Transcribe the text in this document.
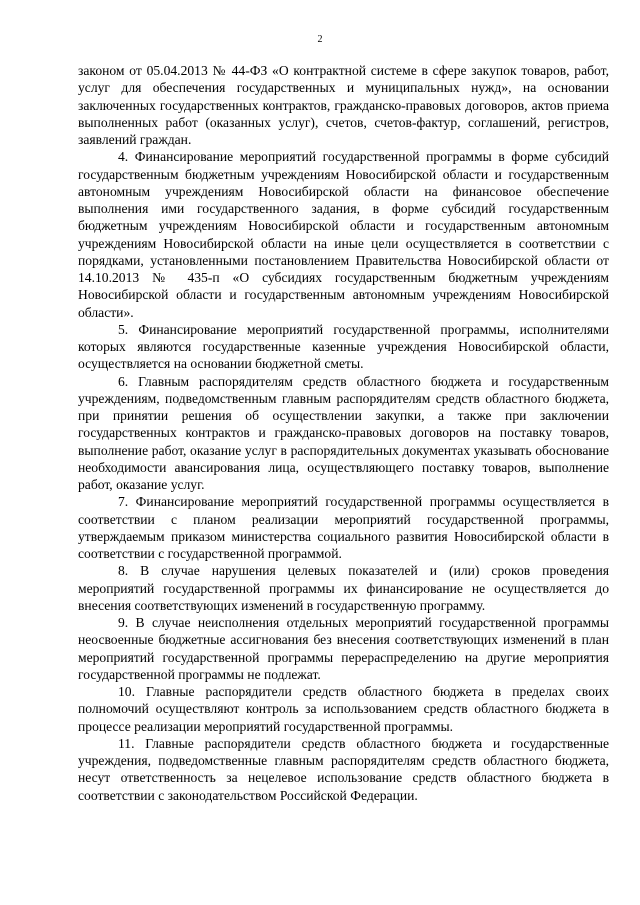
2

законом от 05.04.2013 № 44-ФЗ «О контрактной системе в сфере закупок товаров, работ, услуг для обеспечения государственных и муниципальных нужд», на основании заключенных государственных контрактов, гражданско-правовых договоров, актов приема выполненных работ (оказанных услуг), счетов, счетов-фактур, соглашений, регистров, заявлений граждан.

4. Финансирование мероприятий государственной программы в форме субсидий государственным бюджетным учреждениям Новосибирской области и государственным автономным учреждениям Новосибирской области на финансовое обеспечение выполнения ими государственного задания, в форме субсидий государственным бюджетным учреждениям Новосибирской области и государственным автономным учреждениям Новосибирской области на иные цели осуществляется в соответствии с порядками, установленными постановлением Правительства Новосибирской области от 14.10.2013 № 435-п «О субсидиях государственным бюджетным учреждениям Новосибирской области и государственным автономным учреждениям Новосибирской области».

5. Финансирование мероприятий государственной программы, исполнителями которых являются государственные казенные учреждения Новосибирской области, осуществляется на основании бюджетной сметы.

6. Главным распорядителям средств областного бюджета и государственным учреждениям, подведомственным главным распорядителям средств областного бюджета, при принятии решения об осуществлении закупки, а также при заключении государственных контрактов и гражданско-правовых договоров на поставку товаров, выполнение работ, оказание услуг в распорядительных документах указывать обоснование необходимости авансирования лица, осуществляющего поставку товаров, выполнение работ, оказание услуг.

7. Финансирование мероприятий государственной программы осуществляется в соответствии с планом реализации мероприятий государственной программы, утверждаемым приказом министерства социального развития Новосибирской области в соответствии с государственной программой.

8. В случае нарушения целевых показателей и (или) сроков проведения мероприятий государственной программы их финансирование не осуществляется до внесения соответствующих изменений в государственную программу.

9. В случае неисполнения отдельных мероприятий государственной программы неосвоенные бюджетные ассигнования без внесения соответствующих изменений в план мероприятий государственной программы перераспределению на другие мероприятия государственной программы не подлежат.

10. Главные распорядители средств областного бюджета в пределах своих полномочий осуществляют контроль за использованием средств областного бюджета в процессе реализации мероприятий государственной программы.

11. Главные распорядители средств областного бюджета и государственные учреждения, подведомственные главным распорядителям средств областного бюджета, несут ответственность за нецелевое использование средств областного бюджета в соответствии с законодательством Российской Федерации.
